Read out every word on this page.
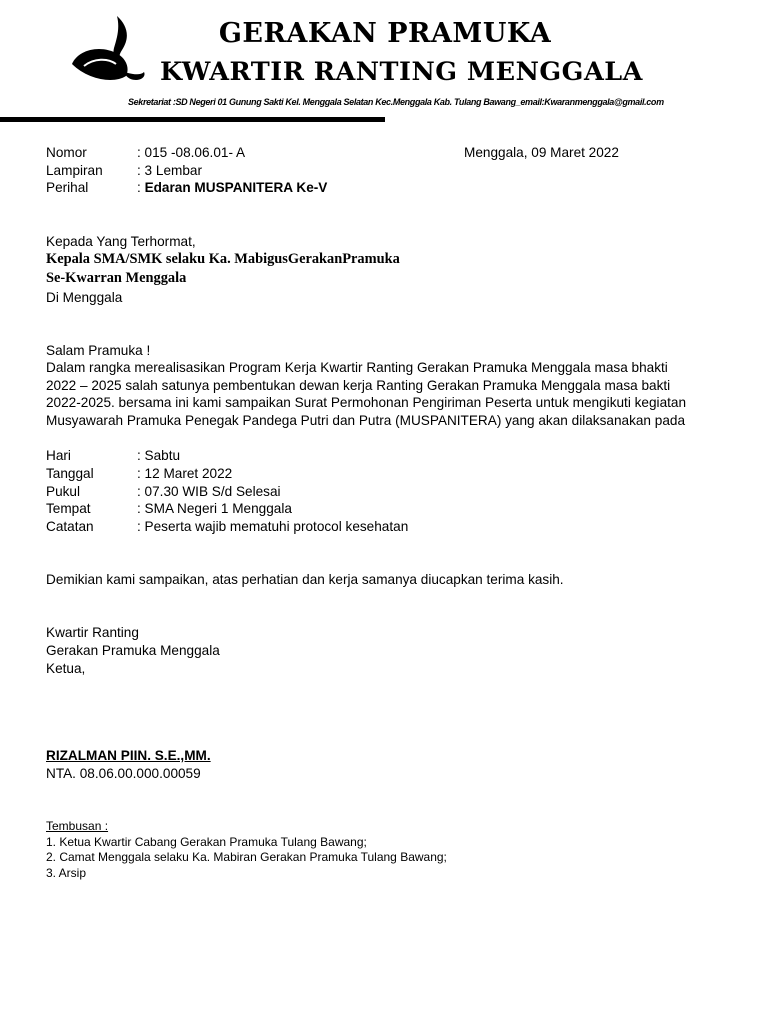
GERAKAN PRAMUKA
KWARTIR RANTING MENGGALA
Sekretariat :SD Negeri 01 Gunung Sakti Kel. Menggala Selatan Kec.Menggala Kab. Tulang Bawang_email:Kwaranmenggala@gmail.com
Nomor	: 015 -08.06.01- A	Menggala, 09 Maret 2022
Lampiran	: 3 Lembar
Perihal	: Edaran MUSPANITERA Ke-V
Kepada Yang Terhormat,
Kepala SMA/SMK selaku Ka. MabigusGerakanPramuka
Se-Kwarran Menggala
Di Menggala
Salam Pramuka !
Dalam rangka merealisasikan Program Kerja Kwartir Ranting Gerakan Pramuka Menggala masa bhakti
2022 – 2025 salah satunya pembentukan dewan kerja Ranting Gerakan Pramuka Menggala masa bakti
2022-2025. bersama ini kami sampaikan Surat Permohonan Pengiriman Peserta untuk mengikuti kegiatan
Musyawarah Pramuka Penegak Pandega Putri dan Putra (MUSPANITERA) yang akan dilaksanakan pada
Hari	: Sabtu
Tanggal	: 12 Maret 2022
Pukul	: 07.30 WIB S/d Selesai
Tempat	: SMA Negeri 1 Menggala
Catatan	: Peserta wajib mematuhi protocol kesehatan
Demikian kami sampaikan, atas perhatian dan kerja samanya diucapkan terima kasih.
Kwartir Ranting
Gerakan Pramuka Menggala
Ketua,
RIZALMAN PIIN. S.E.,MM.
NTA. 08.06.00.000.00059
Tembusan :
1. Ketua Kwartir Cabang Gerakan Pramuka Tulang Bawang;
2. Camat Menggala selaku Ka. Mabiran Gerakan Pramuka Tulang Bawang;
3. Arsip
